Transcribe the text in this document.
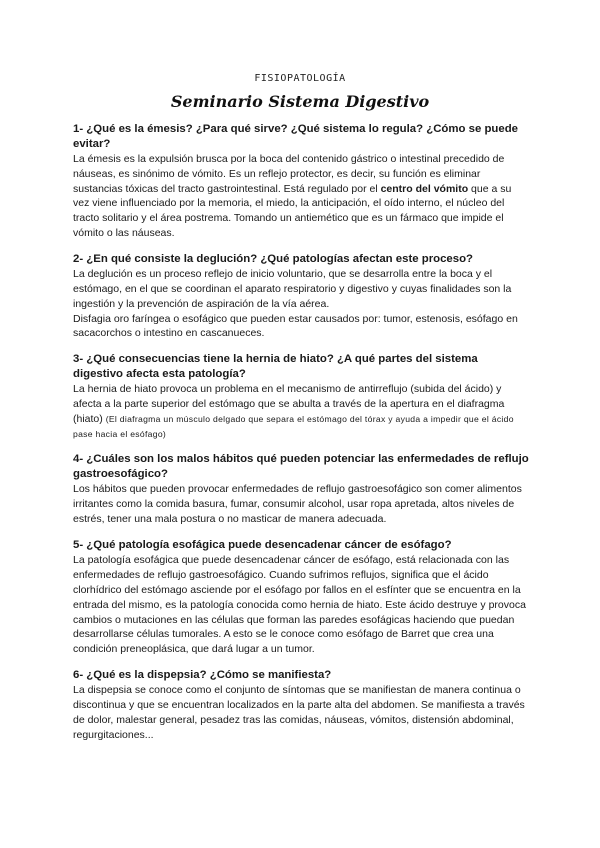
FISIOPATOLOGÍA
Seminario Sistema Digestivo

1- ¿Qué es la émesis? ¿Para qué sirve? ¿Qué sistema lo regula? ¿Cómo se puede evitar?

La émesis es la expulsión brusca por la boca del contenido gástrico o intestinal precedido de náuseas, es sinónimo de vómito. Es un reflejo protector, es decir, su función es eliminar sustancias tóxicas del tracto gastrointestinal. Está regulado por el centro del vómito que a su vez viene influenciado por la memoria, el miedo, la anticipación, el oído interno, el núcleo del tracto solitario y el área postrema. Tomando un antiemético que es un fármaco que impide el vómito o las náuseas.

2- ¿En qué consiste la deglución? ¿Qué patologías afectan este proceso?

La deglución es un proceso reflejo de inicio voluntario, que se desarrolla entre la boca y el estómago, en el que se coordinan el aparato respiratorio y digestivo y cuyas finalidades son la ingestión y la prevención de aspiración de la vía aérea.

Disfagia oro faríngea o esofágico que pueden estar causados por: tumor, estenosis, esófago en sacacorchos o intestino en cascanueces.

3- ¿Qué consecuencias tiene la hernia de hiato? ¿A qué partes del sistema digestivo afecta esta patología?

La hernia de hiato provoca un problema en el mecanismo de antirreflujo (subida del ácido) y afecta a la parte superior del estómago que se abulta a través de la apertura en el diafragma (hiato) (El diafragma un músculo delgado que separa el estómago del tórax y ayuda a impedir que el ácido pase hacia el esófago)

4- ¿Cuáles son los malos hábitos qué pueden potenciar las enfermedades de reflujo gastroesofágico?

Los hábitos que pueden provocar enfermedades de reflujo gastroesofágico son comer alimentos irritantes como la comida basura, fumar, consumir alcohol, usar ropa apretada, altos niveles de estrés, tener una mala postura o no masticar de manera adecuada.

5- ¿Qué patología esofágica puede desencadenar cáncer de esófago?

La patología esofágica que puede desencadenar cáncer de esófago, está relacionada con las enfermedades de reflujo gastroesofágico. Cuando sufrimos reflujos, significa que el ácido clorhídrico del estómago asciende por el esófago por fallos en el esfínter que se encuentra en la entrada del mismo, es la patología conocida como hernia de hiato. Este ácido destruye y provoca cambios o mutaciones en las células que forman las paredes esofágicas haciendo que puedan desarrollarse células tumorales. A esto se le conoce como esófago de Barret que crea una condición preneoplásica, que dará lugar a un tumor.

6- ¿Qué es la dispepsia? ¿Cómo se manifiesta?

La dispepsia se conoce como el conjunto de síntomas que se manifiestan de manera continua o discontinua y que se encuentran localizados en la parte alta del abdomen. Se manifiesta a través de dolor, malestar general, pesadez tras las comidas, náuseas, vómitos, distensión abdominal, regurgitaciones...
